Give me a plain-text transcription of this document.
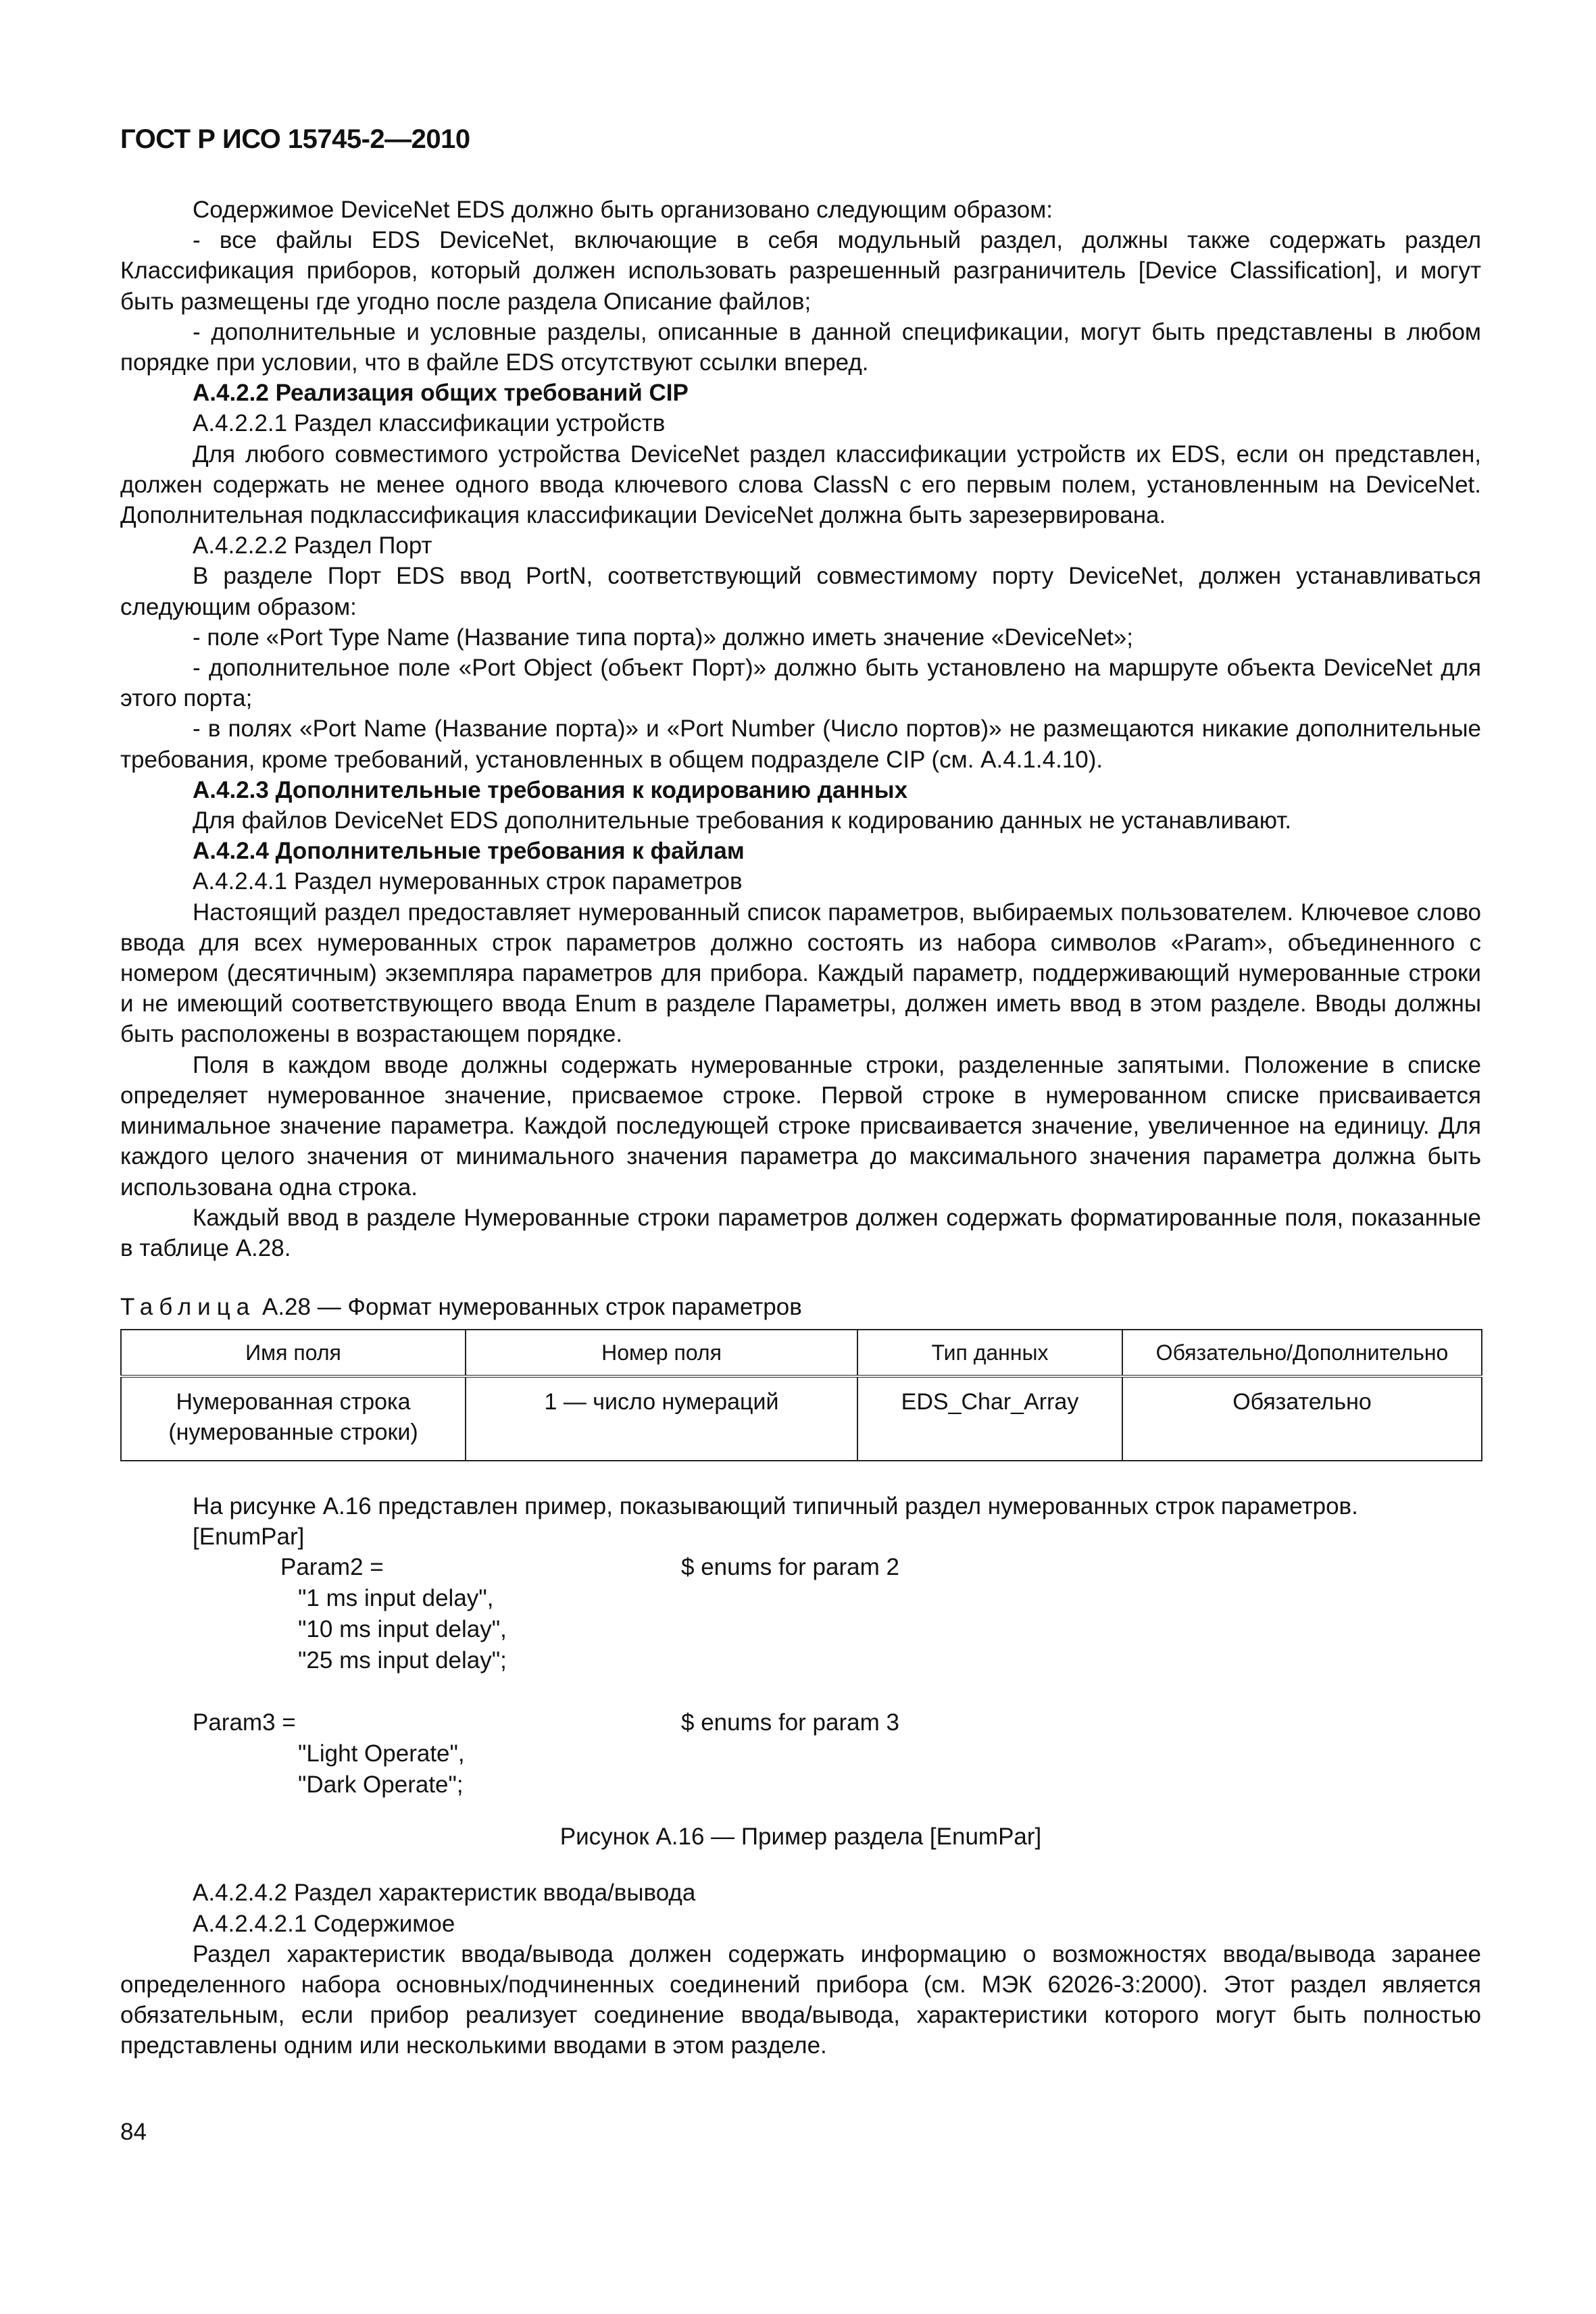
ГОСТ Р ИСО 15745-2—2010

Содержимое DeviceNet EDS должно быть организовано следующим образом:

- все файлы EDS DeviceNet, включающие в себя модульный раздел, должны также содержать раздел Классификация приборов, который должен использовать разрешенный разграничитель [Device Classification], и могут быть размещены где угодно после раздела Описание файлов;

- дополнительные и условные разделы, описанные в данной спецификации, могут быть представлены в любом порядке при условии, что в файле EDS отсутствуют ссылки вперед.

А.4.2.2 Реализация общих требований CIP

А.4.2.2.1 Раздел классификации устройств

Для любого совместимого устройства DeviceNet раздел классификации устройств их EDS, если он представлен, должен содержать не менее одного ввода ключевого слова ClassN с его первым полем, установленным на DeviceNet. Дополнительная подклассификация классификации DeviceNet должна быть зарезервирована.

А.4.2.2.2 Раздел Порт

В разделе Порт EDS ввод PortN, соответствующий совместимому порту DeviceNet, должен устанавливаться следующим образом:

- поле «Port Type Name (Название типа порта)» должно иметь значение «DeviceNet»;

- дополнительное поле «Port Object (объект Порт)» должно быть установлено на маршруте объекта DeviceNet для этого порта;

- в полях «Port Name (Название порта)» и «Port Number (Число портов)» не размещаются никакие дополнительные требования, кроме требований, установленных в общем подразделе CIP (см. А.4.1.4.10).

А.4.2.3 Дополнительные требования к кодированию данных

Для файлов DeviceNet EDS дополнительные требования к кодированию данных не устанавливают.

А.4.2.4 Дополнительные требования к файлам

А.4.2.4.1 Раздел нумерованных строк параметров

Настоящий раздел предоставляет нумерованный список параметров, выбираемых пользователем. Ключевое слово ввода для всех нумерованных строк параметров должно состоять из набора символов «Param», объединенного с номером (десятичным) экземпляра параметров для прибора. Каждый параметр, поддерживающий нумерованные строки и не имеющий соответствующего ввода Enum в разделе Параметры, должен иметь ввод в этом разделе. Вводы должны быть расположены в возрастающем порядке.

Поля в каждом вводе должны содержать нумерованные строки, разделенные запятыми. Положение в списке определяет нумерованное значение, присваемое строке. Первой строке в нумерованном списке присваивается минимальное значение параметра. Каждой последующей строке присваивается значение, увеличенное на единицу. Для каждого целого значения от минимального значения параметра до максимального значения параметра должна быть использована одна строка.

Каждый ввод в разделе Нумерованные строки параметров должен содержать форматированные поля, показанные в таблице А.28.

Таблица А.28 — Формат нумерованных строк параметров

Имя поля	Номер поля	Тип данных	Обязательно/Дополнительно
Нумерованная строка (нумерованные строки)	1 — число нумераций	EDS_Char_Array	Обязательно

На рисунке А.16 представлен пример, показывающий типичный раздел нумерованных строк параметров.

[EnumPar]
Param2 =	$ enums for param 2
"1 ms input delay",
"10 ms input delay",
"25 ms input delay";
Param3 =	$ enums for param 3
"Light Operate",
"Dark Operate";

Рисунок А.16 — Пример раздела [EnumPar]

А.4.2.4.2 Раздел характеристик ввода/вывода

А.4.2.4.2.1 Содержимое

Раздел характеристик ввода/вывода должен содержать информацию о возможностях ввода/вывода заранее определенного набора основных/подчиненных соединений прибора (см. МЭК 62026-3:2000). Этот раздел является обязательным, если прибор реализует соединение ввода/вывода, характеристики которого могут быть полностью представлены одним или несколькими вводами в этом разделе.

84
